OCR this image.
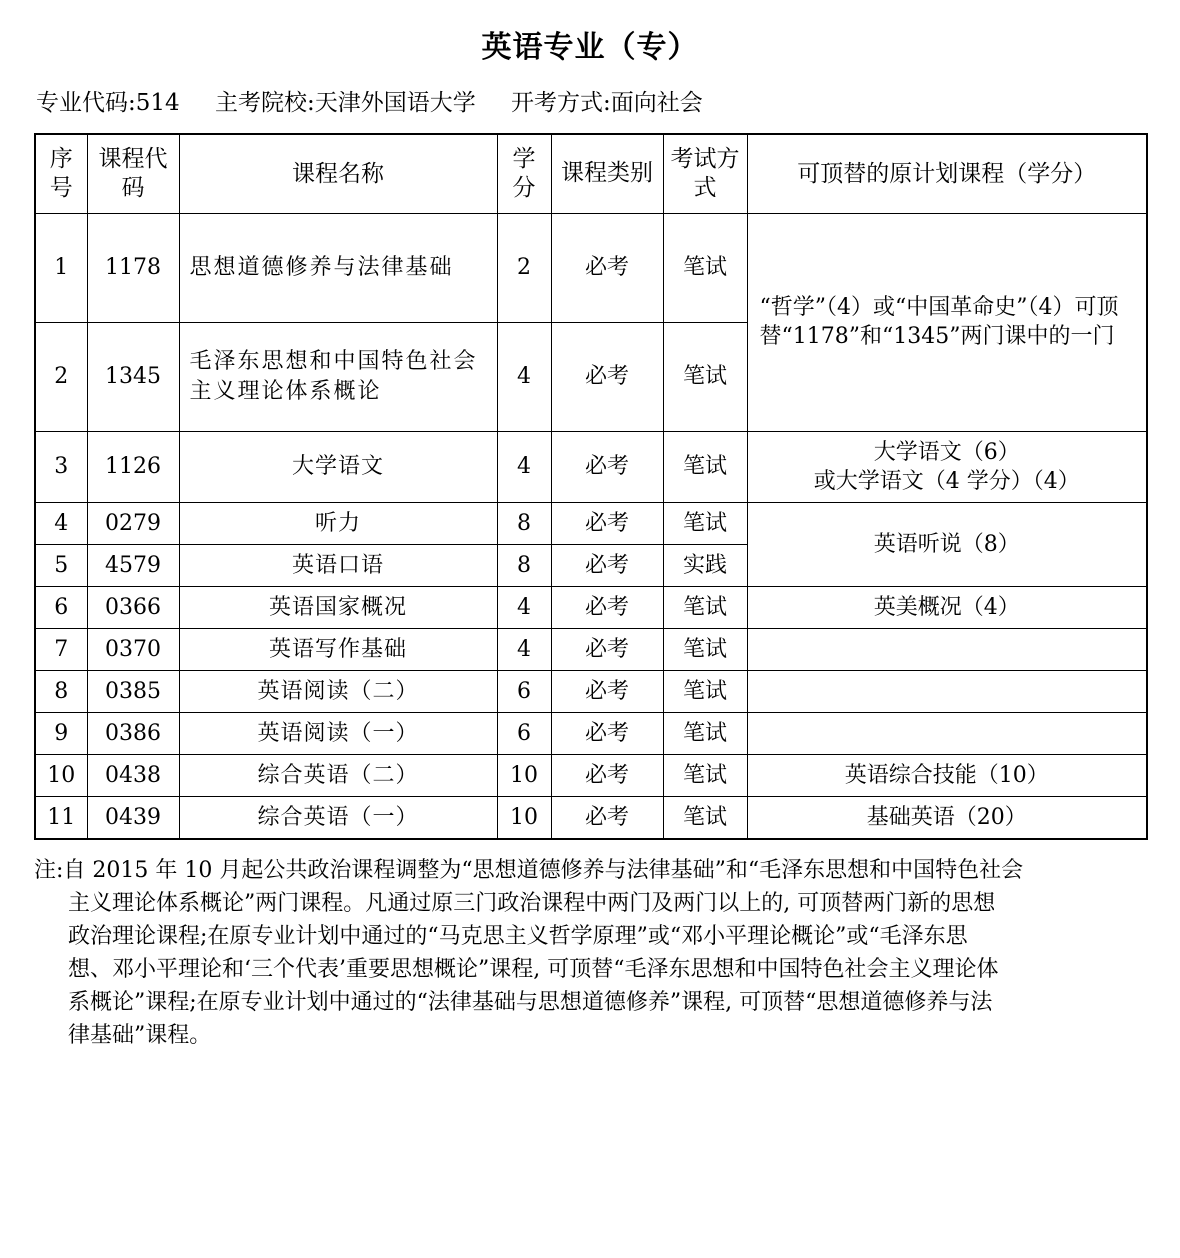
英语专业（专）
专业代码:514 主考院校:天津外国语大学 开考方式:面向社会
序号	课程代码	课程名称	学分	课程类别	考试方式	可顶替的原计划课程（学分）
1	1178	思想道德修养与法律基础	2	必考	笔试	“哲学”（4）或“中国革命史”（4）可顶替“1178”和“1345”两门课中的一门
2	1345	毛泽东思想和中国特色社会主义理论体系概论	4	必考	笔试	
3	1126	大学语文	4	必考	笔试	大学语文（6）
或大学语文（4 学分）（4）

4	0279	听力	8	必考	笔试	英语听说（8）
5	4579	英语口语	8	必考	实践	
6	0366	英语国家概况	4	必考	笔试	英美概况（4）
7	0370	英语写作基础	4	必考	笔试	
8	0385	英语阅读（二）	6	必考	笔试	
9	0386	英语阅读（一）	6	必考	笔试	
10	0438	综合英语（二）	10	必考	笔试	英语综合技能（10）
11	0439	综合英语（一）	10	必考	笔试	基础英语（20）

注:自 2015 年 10 月起公共政治课程调整为“思想道德修养与法律基础”和“毛泽东思想和中国特色社会

主义理论体系概论”两门课程。凡通过原三门政治课程中两门及两门以上的, 可顶替两门新的思想

政治理论课程;在原专业计划中通过的“马克思主义哲学原理”或“邓小平理论概论”或“毛泽东思

想、邓小平理论和‘三个代表’重要思想概论”课程, 可顶替“毛泽东思想和中国特色社会主义理论体

系概论”课程;在原专业计划中通过的“法律基础与思想道德修养”课程, 可顶替“思想道德修养与法

律基础”课程。
